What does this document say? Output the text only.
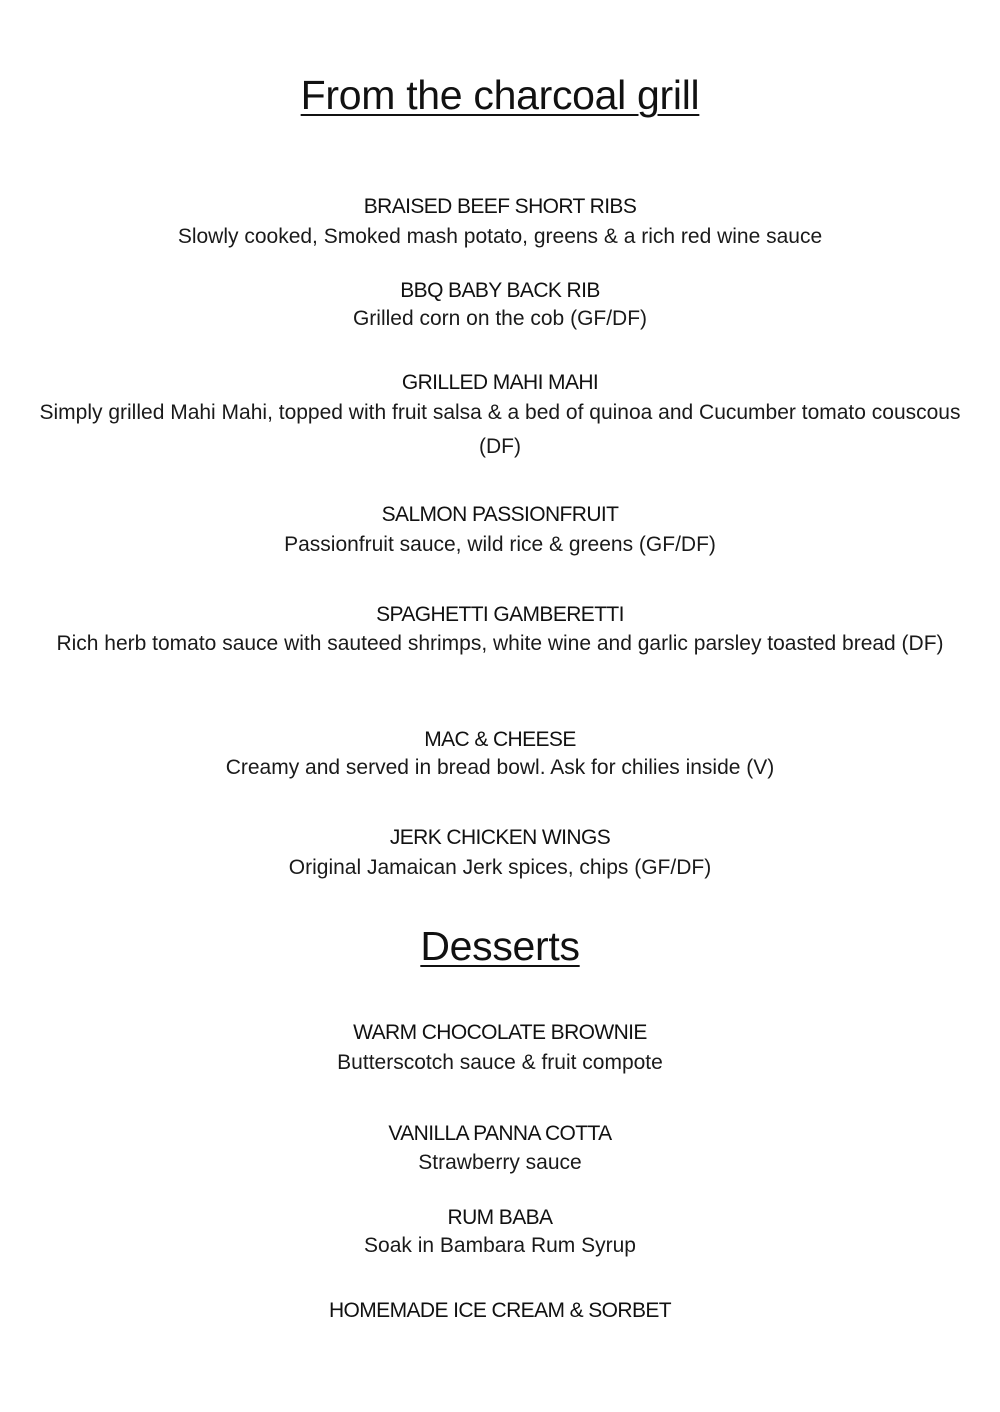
From the charcoal grill
BRAISED BEEF SHORT RIBS
Slowly cooked, Smoked mash potato, greens & a rich red wine sauce
BBQ BABY BACK RIB
Grilled corn on the cob (GF/DF)
GRILLED MAHI MAHI
Simply grilled Mahi Mahi, topped with fruit salsa & a bed of quinoa and Cucumber tomato couscous (DF)
SALMON PASSIONFRUIT
Passionfruit sauce, wild rice & greens (GF/DF)
SPAGHETTI GAMBERETTI
Rich herb tomato sauce with sauteed shrimps, white wine and garlic parsley toasted bread (DF)
MAC & CHEESE
Creamy and served in bread bowl. Ask for chilies inside (V)
JERK CHICKEN WINGS
Original Jamaican Jerk spices, chips (GF/DF)
Desserts
WARM CHOCOLATE BROWNIE
Butterscotch sauce & fruit compote
VANILLA PANNA COTTA
Strawberry sauce
RUM BABA
Soak in Bambara Rum Syrup
HOMEMADE ICE CREAM & SORBET
